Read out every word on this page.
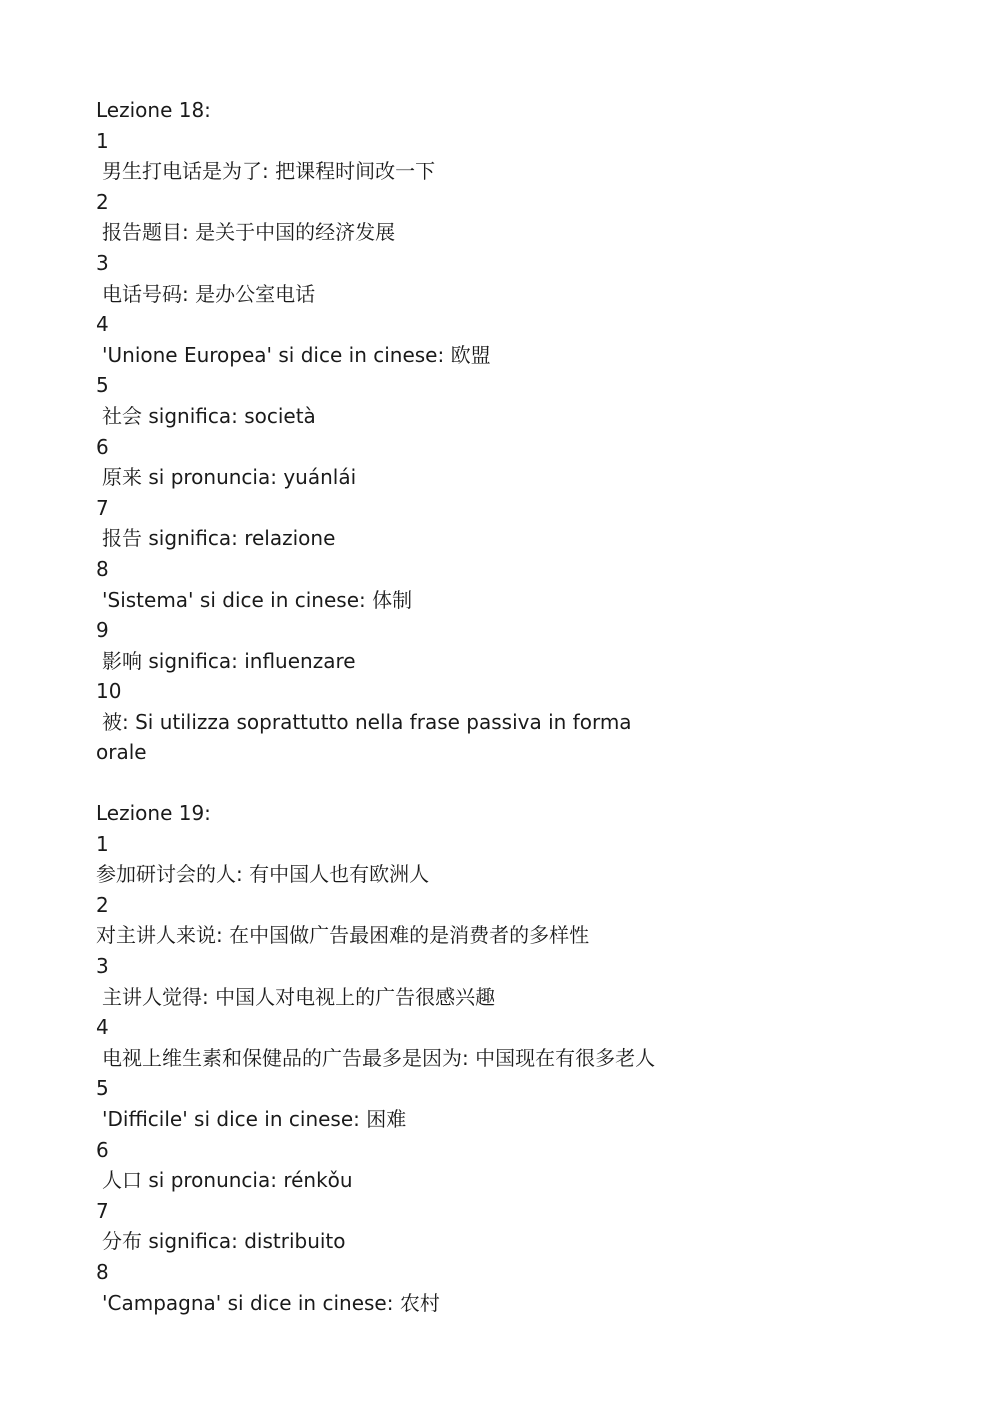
Lezione 18:
1
男生打电话是为了: 把课程时间改一下
2
报告题目: 是关于中国的经济发展
3
电话号码: 是办公室电话
4
'Unione Europea' si dice in cinese: 欧盟
5
社会 significa: società
6
原来 si pronuncia: yuánlái
7
报告 significa: relazione
8
'Sistema' si dice in cinese: 体制
9
影响 significa: influenzare
10
被: Si utilizza soprattutto nella frase passiva in forma
orale
Lezione 19:
1
参加研讨会的人: 有中国人也有欧洲人
2
对主讲人来说: 在中国做广告最困难的是消费者的多样性
3
主讲人觉得: 中国人对电视上的广告很感兴趣
4
电视上维生素和保健品的广告最多是因为: 中国现在有很多老人
5
'Difficile' si dice in cinese: 困难
6
人口 si pronuncia: rénkǒu
7
分布 significa: distribuito
8
'Campagna' si dice in cinese: 农村
